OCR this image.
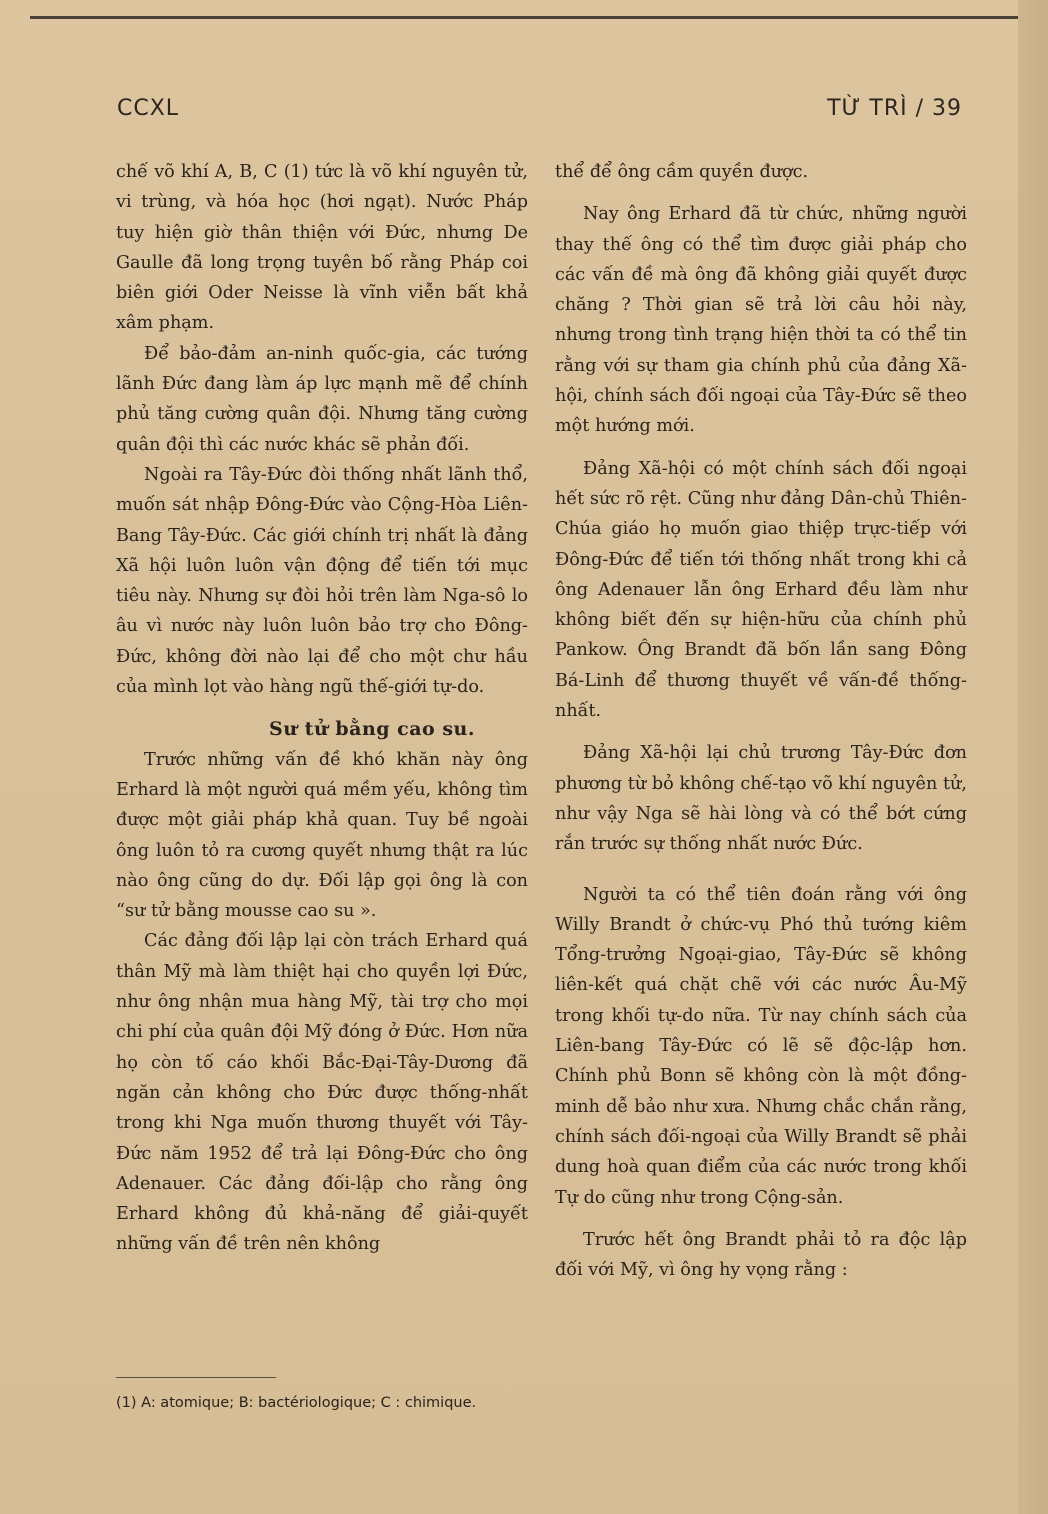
CCXL	TỪ TRÌ / 39

chế võ khí A, B, C (1) tức là võ khí nguyên tử, vi trùng, và hóa học (hơi ngạt). Nước Pháp tuy hiện giờ thân thiện với Đức, nhưng De Gaulle đã long trọng tuyên bố rằng Pháp coi biên giới Oder Neisse là vĩnh viễn bất khả xâm phạm.

Để bảo-đảm an-ninh quốc-gia, các tướng lãnh Đức đang làm áp lực mạnh mẽ để chính phủ tăng cường quân đội. Nhưng tăng cường quân đội thì các nước khác sẽ phản đối.

Ngoài ra Tây-Đức đòi thống nhất lãnh thổ, muốn sát nhập Đông-Đức vào Cộng-Hòa Liên-Bang Tây-Đức. Các giới chính trị nhất là đảng Xã hội luôn luôn vận động để tiến tới mục tiêu này. Nhưng sự đòi hỏi trên làm Nga-sô lo âu vì nước này luôn luôn bảo trợ cho Đông-Đức, không đời nào lại để cho một chư hầu của mình lọt vào hàng ngũ thế-giới tự-do.

Sư tử bằng cao su.

Trước những vấn đề khó khăn này ông Erhard là một người quá mềm yếu, không tìm được một giải pháp khả quan. Tuy bề ngoài ông luôn tỏ ra cương quyết nhưng thật ra lúc nào ông cũng do dự. Đối lập gọi ông là con “sư tử bằng mousse cao su ».

Các đảng đối lập lại còn trách Erhard quá thân Mỹ mà làm thiệt hại cho quyền lợi Đức, như ông nhận mua hàng Mỹ, tài trợ cho mọi chi phí của quân đội Mỹ đóng ở Đức. Hơn nữa họ còn tố cáo khối Bắc-Đại-Tây-Dương đã ngăn cản không cho Đức được thống-nhất trong khi Nga muốn thương thuyết với Tây-Đức năm 1952 để trả lại Đông-Đức cho ông Adenauer. Các đảng đối-lập cho rằng ông Erhard không đủ khả-năng để giải-quyết những vấn đề trên nên không

thể để ông cầm quyền được.

Nay ông Erhard đã từ chức, những người thay thế ông có thể tìm được giải pháp cho các vấn đề mà ông đã không giải quyết được chăng ? Thời gian sẽ trả lời câu hỏi này, nhưng trong tình trạng hiện thời ta có thể tin rằng với sự tham gia chính phủ của đảng Xã-hội, chính sách đối ngoại của Tây-Đức sẽ theo một hướng mới.

Đảng Xã-hội có một chính sách đối ngoại hết sức rõ rệt. Cũng như đảng Dân-chủ Thiên-Chúa giáo họ muốn giao thiệp trực-tiếp với Đông-Đức để tiến tới thống nhất trong khi cả ông Adenauer lẫn ông Erhard đều làm như không biết đến sự hiện-hữu của chính phủ Pankow. Ông Brandt đã bốn lần sang Đông Bá-Linh để thương thuyết về vấn-đề thống-nhất.

Đảng Xã-hội lại chủ trương Tây-Đức đơn phương từ bỏ không chế-tạo võ khí nguyên tử, như vậy Nga sẽ hài lòng và có thể bớt cứng rắn trước sự thống nhất nước Đức.

Người ta có thể tiên đoán rằng với ông Willy Brandt ở chức-vụ Phó thủ tướng kiêm Tổng-trưởng Ngoại-giao, Tây-Đức sẽ không liên-kết quá chặt chẽ với các nước Âu-Mỹ trong khối tự-do nữa. Từ nay chính sách của Liên-bang Tây-Đức có lẽ sẽ độc-lập hơn. Chính phủ Bonn sẽ không còn là một đồng-minh dễ bảo như xưa. Nhưng chắc chắn rằng, chính sách đối-ngoại của Willy Brandt sẽ phải dung hoà quan điểm của các nước trong khối Tự do cũng như trong Cộng-sản.

Trước hết ông Brandt phải tỏ ra độc lập đối với Mỹ, vì ông hy vọng rằng :

(1) A: atomique; B: bactériologique; C : chimique.
